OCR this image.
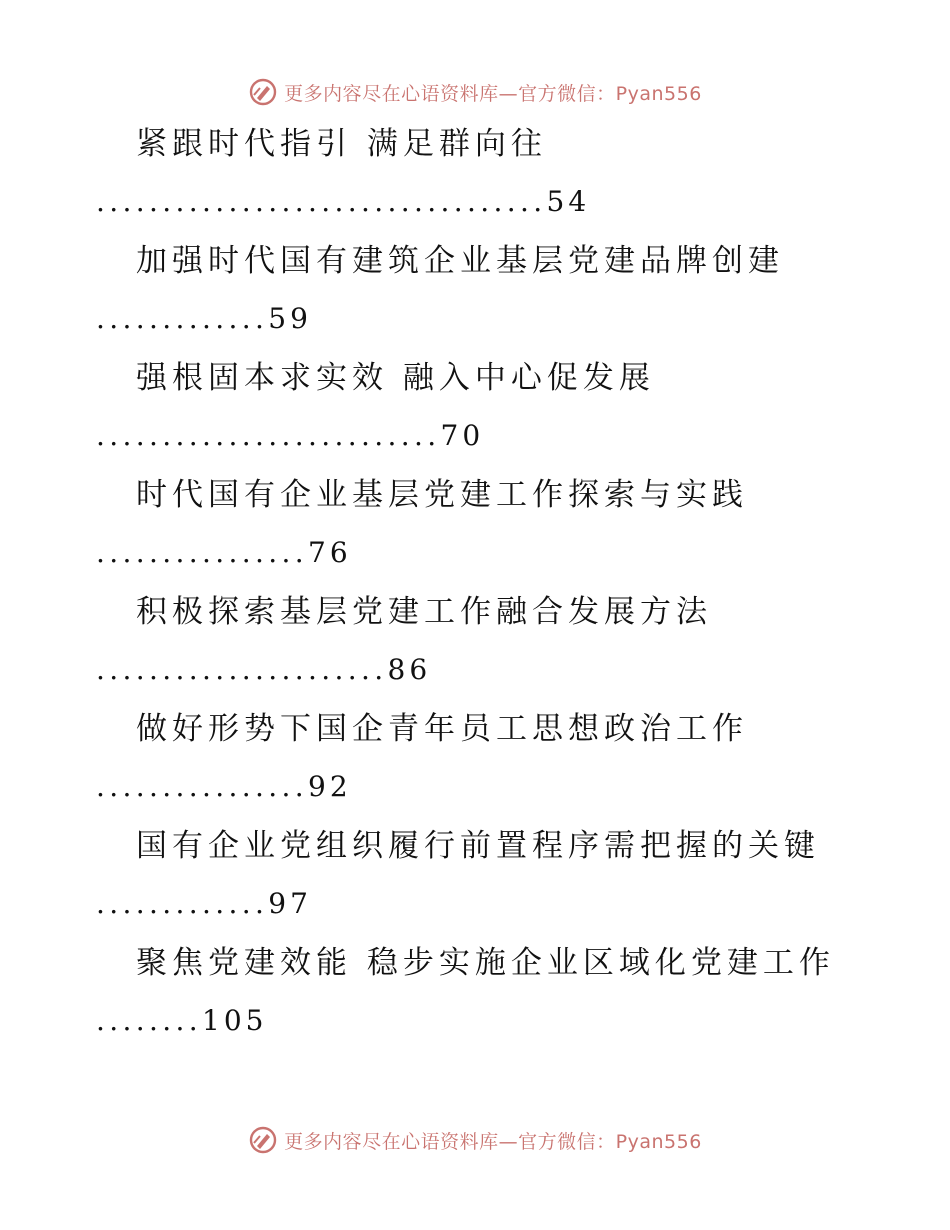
更多内容尽在心语资料库—官方微信：Pyan556
紧跟时代指引 满足群向往
..................................54
加强时代国有建筑企业基层党建品牌创建
.............59
强根固本求实效 融入中心促发展
..........................70
时代国有企业基层党建工作探索与实践
................76
积极探索基层党建工作融合发展方法
......................86
做好形势下国企青年员工思想政治工作
................92
国有企业党组织履行前置程序需把握的关键
.............97
聚焦党建效能 稳步实施企业区域化党建工作
........105
更多内容尽在心语资料库—官方微信：Pyan556
